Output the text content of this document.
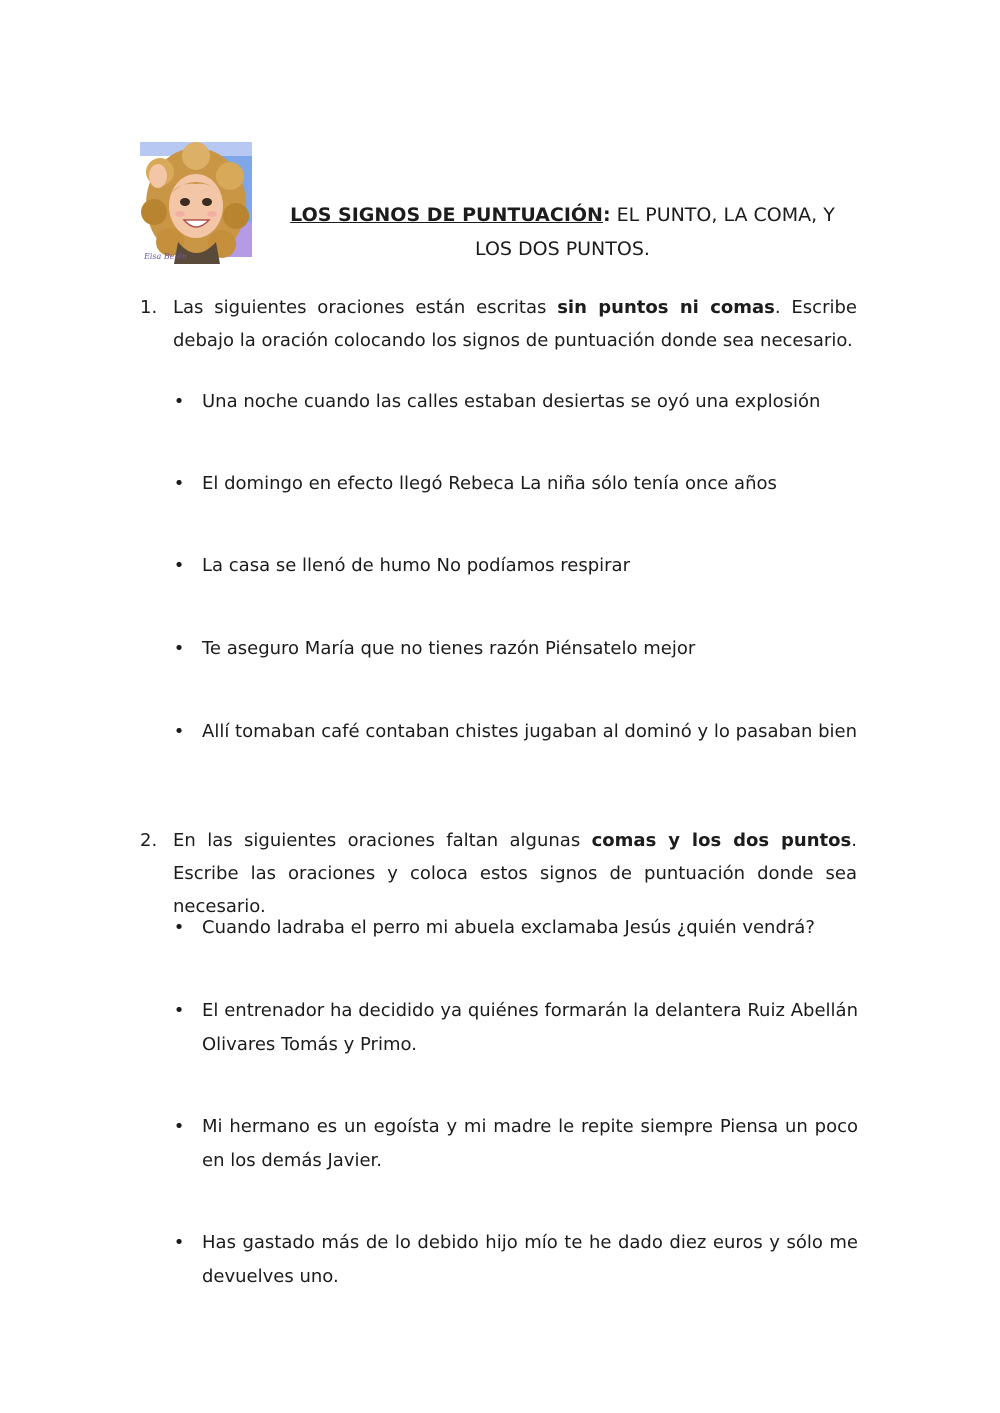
Eisa Belén
LOS SIGNOS DE PUNTUACIÓN: EL PUNTO, LA COMA, Y
LOS DOS PUNTOS.
1. Las siguientes oraciones están escritas sin puntos ni comas. Escribe debajo la oración colocando los signos de puntuación donde sea necesario.
• Una noche cuando las calles estaban desiertas se oyó una explosión
• El domingo en efecto llegó Rebeca La niña sólo tenía once años
• La casa se llenó de humo No podíamos respirar
• Te aseguro María que no tienes razón Piénsatelo mejor
• Allí tomaban café contaban chistes jugaban al dominó y lo pasaban bien
2. En las siguientes oraciones faltan algunas comas y los dos puntos. Escribe las oraciones y coloca estos signos de puntuación donde sea necesario.
• Cuando ladraba el perro mi abuela exclamaba Jesús ¿quién vendrá?
• El entrenador ha decidido ya quiénes formarán la delantera Ruiz Abellán Olivares Tomás y Primo.
• Mi hermano es un egoísta y mi madre le repite siempre Piensa un poco en los demás Javier.
• Has gastado más de lo debido hijo mío te he dado diez euros y sólo me devuelves uno.
